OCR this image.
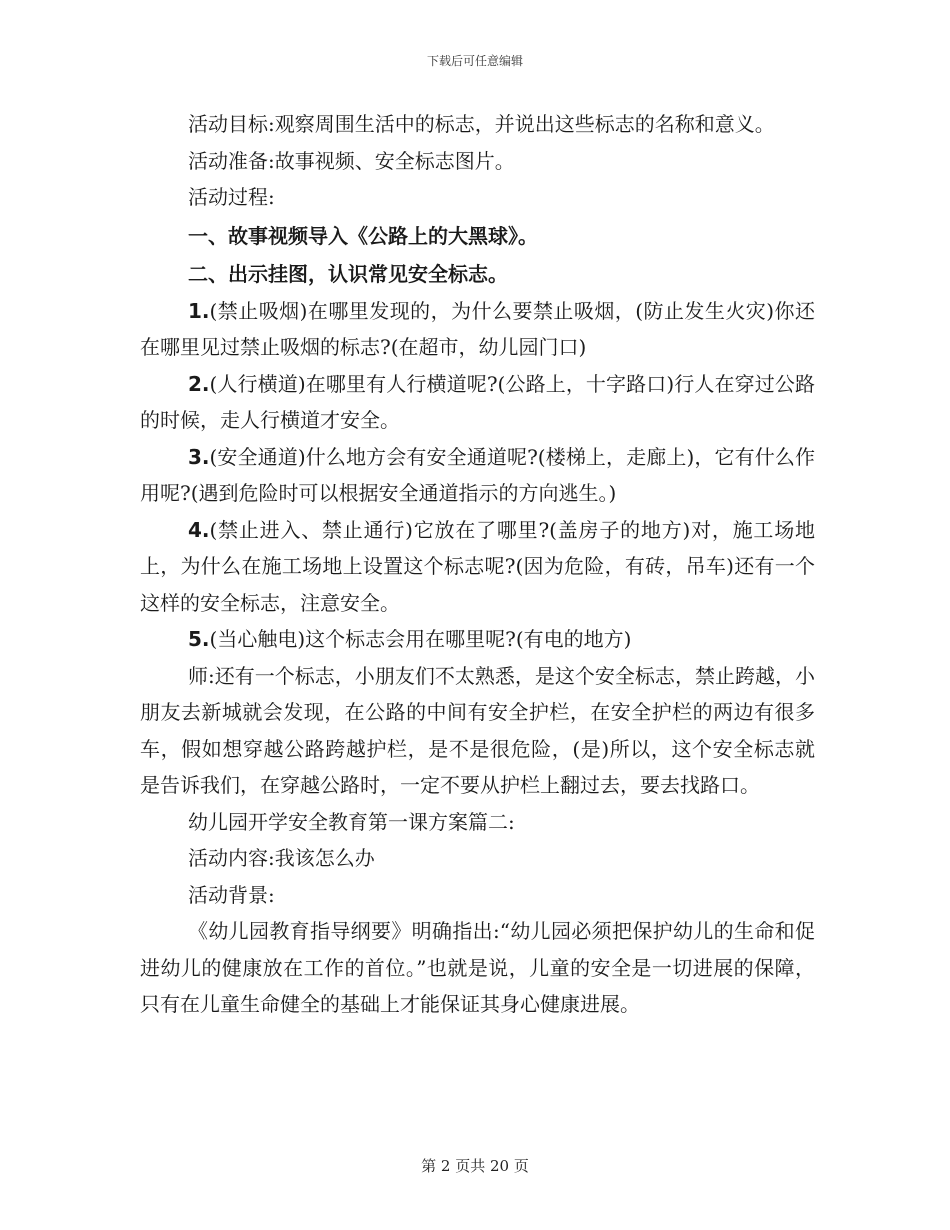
下载后可任意编辑

活动目标:观察周围生活中的标志，并说出这些标志的名称和意义。

活动准备:故事视频、安全标志图片。

活动过程:

一、故事视频导入《公路上的大黑球》。

二、出示挂图，认识常见安全标志。

1.(禁止吸烟)在哪里发现的，为什么要禁止吸烟，(防止发生火灾)你还在哪里见过禁止吸烟的标志?(在超市，幼儿园门口)

2.(人行横道)在哪里有人行横道呢?(公路上，十字路口)行人在穿过公路的时候，走人行横道才安全。

3.(安全通道)什么地方会有安全通道呢?(楼梯上，走廊上)，它有什么作用呢?(遇到危险时可以根据安全通道指示的方向逃生。)

4.(禁止进入、禁止通行)它放在了哪里?(盖房子的地方)对，施工场地上，为什么在施工场地上设置这个标志呢?(因为危险，有砖，吊车)还有一个这样的安全标志，注意安全。

5.(当心触电)这个标志会用在哪里呢?(有电的地方)

师:还有一个标志，小朋友们不太熟悉，是这个安全标志，禁止跨越，小朋友去新城就会发现，在公路的中间有安全护栏，在安全护栏的两边有很多车，假如想穿越公路跨越护栏，是不是很危险，(是)所以，这个安全标志就是告诉我们，在穿越公路时，一定不要从护栏上翻过去，要去找路口。

幼儿园开学安全教育第一课方案篇二:

活动内容:我该怎么办

活动背景:

《幼儿园教育指导纲要》明确指出:“幼儿园必须把保护幼儿的生命和促进幼儿的健康放在工作的首位。”也就是说，儿童的安全是一切进展的保障，只有在儿童生命健全的基础上才能保证其身心健康进展。

第 2 页共 20 页
